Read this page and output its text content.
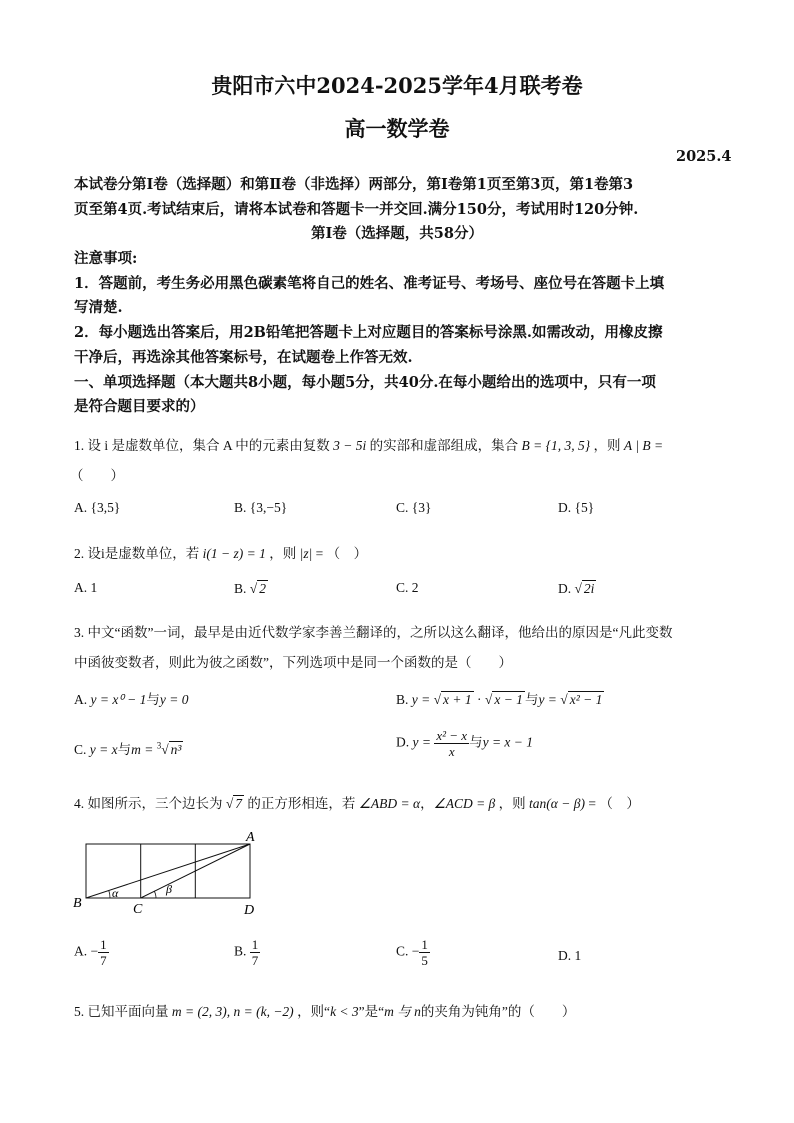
贵阳市六中2024-2025学年4月联考卷
高一数学卷
2025.4
本试卷分第Ⅰ卷（选择题）和第Ⅱ卷（非选择）两部分，第Ⅰ卷第1页至第3页，第1卷第3
页至第4页.考试结束后，请将本试卷和答题卡一并交回.满分150分，考试用时120分钟.
第Ⅰ卷（选择题，共58分）
注意事项:
1．答题前，考生务必用黑色碳素笔将自己的姓名、准考证号、考场号、座位号在答题卡上填
写清楚.
2．每小题选出答案后，用2B铅笔把答题卡上对应题目的答案标号涂黑.如需改动，用橡皮擦
干净后，再选涂其他答案标号，在试题卷上作答无效.
一、单项选择题（本大题共8小题，每小题5分，共40分.在每小题给出的选项中，只有一项
是符合题目要求的）
1. 设 i 是虚数单位，集合 A 中的元素由复数 3 − 5i 的实部和虚部组成，集合 B = {1, 3, 5} ，则 A | B =
（　　）
A. {3,5}	B. {3,−5}	C. {3}	D. {5}
2. 设i是虚数单位，若 i(1 − z) = 1 ，则 |z| = （　）
A. 1	B. √ 2	C. 2	D. √ 2i
3. 中文“函数”一词，最早是由近代数学家李善兰翻译的，之所以这么翻译，他给出的原因是“凡此变数
中函彼变数者，则此为彼之函数”，下列选项中是同一个函数的是（　　）
A. y = x⁰ − 1与y = 0	B. y = √ x + 1 · √ x − 1 与y = √ x² − 1
C. y = x与m = $^3$√ n³	D. $y = \frac{\text{x² − x}}{x}$ 与y = x − 1
4. 如图所示，三个边长为 √ 7 的正方形相连，若 ∠ABD = α，∠ACD = β ，则 tan(α − β) = （　）
A
B	C	D
α	β
A. − $\frac{1}{7}$	B. $\frac{1}{7}$	C. − $\frac{1}{5}$	D. 1
5. 已知平面向量 m = (2, 3), n = (k, −2) ，则“k < 3”是“m 与 n的夹角为钝角”的（　　）
